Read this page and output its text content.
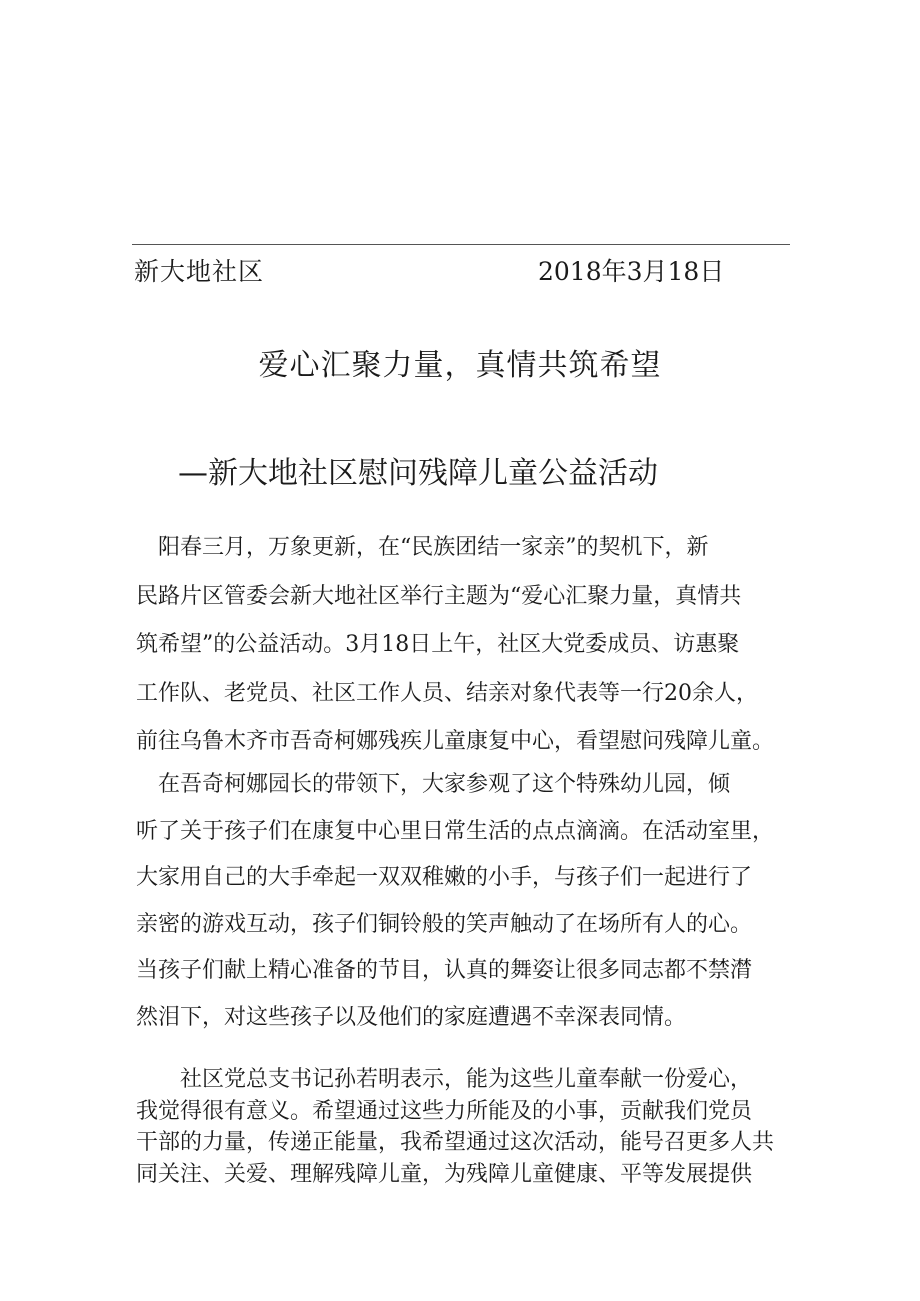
新大地社区	2018年3月18日
爱心汇聚力量，真情共筑希望
—新大地社区慰问残障儿童公益活动

　阳春三月，万象更新，在“民族团结一家亲”的契机下，新
民路片区管委会新大地社区举行主题为“爱心汇聚力量，真情共
筑希望”的公益活动。3月18日上午，社区大党委成员、访惠聚
工作队、老党员、社区工作人员、结亲对象代表等一行20余人，
前往乌鲁木齐市吾奇柯娜残疾儿童康复中心，看望慰问残障儿童。

　在吾奇柯娜园长的带领下，大家参观了这个特殊幼儿园，倾
听了关于孩子们在康复中心里日常生活的点点滴滴。在活动室里，
大家用自己的大手牵起一双双稚嫩的小手，与孩子们一起进行了
亲密的游戏互动，孩子们铜铃般的笑声触动了在场所有人的心。
当孩子们献上精心准备的节目，认真的舞姿让很多同志都不禁潸
然泪下，对这些孩子以及他们的家庭遭遇不幸深表同情。

　　社区党总支书记孙若明表示，能为这些儿童奉献一份爱心，
我觉得很有意义。希望通过这些力所能及的小事，贡献我们党员
干部的力量，传递正能量，我希望通过这次活动，能号召更多人共
同关注、关爱、理解残障儿童，为残障儿童健康、平等发展提供
